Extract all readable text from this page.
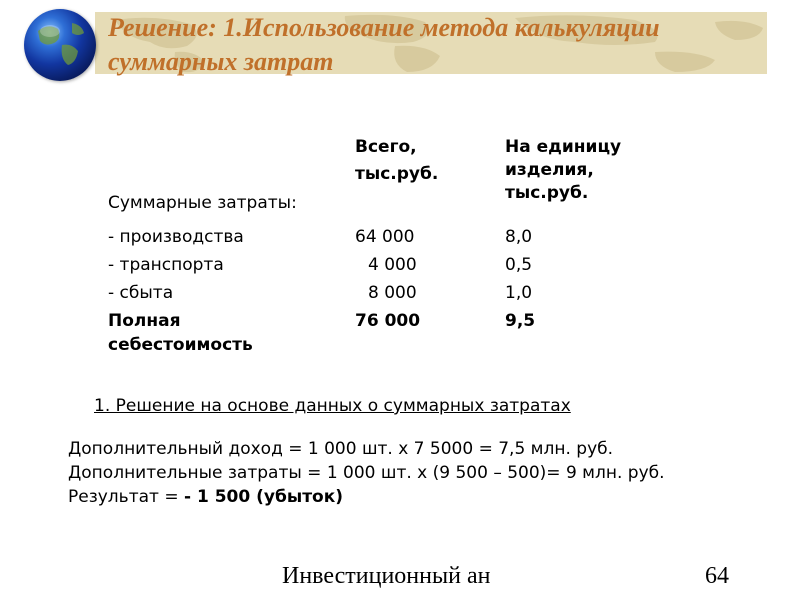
Решение: 1.Использование метода калькуляции суммарных затрат
Суммарные затраты:
Всего,
тыс.руб.
На единицу
изделия,
тыс.руб.
- производства	64 000	8,0
- транспорта	4 000	0,5
- сбыта	8 000	1,0
Полная
себестоимость
76 000	9,5
1. Решение на основе данных о суммарных затратах
Дополнительный доход = 1 000 шт. х 7 5000 = 7,5 млн. руб.
Дополнительные затраты = 1 000 шт. х (9 500 – 500)= 9 млн. руб.
Результат = - 1 500 (убыток)
Инвестиционный ан	64
